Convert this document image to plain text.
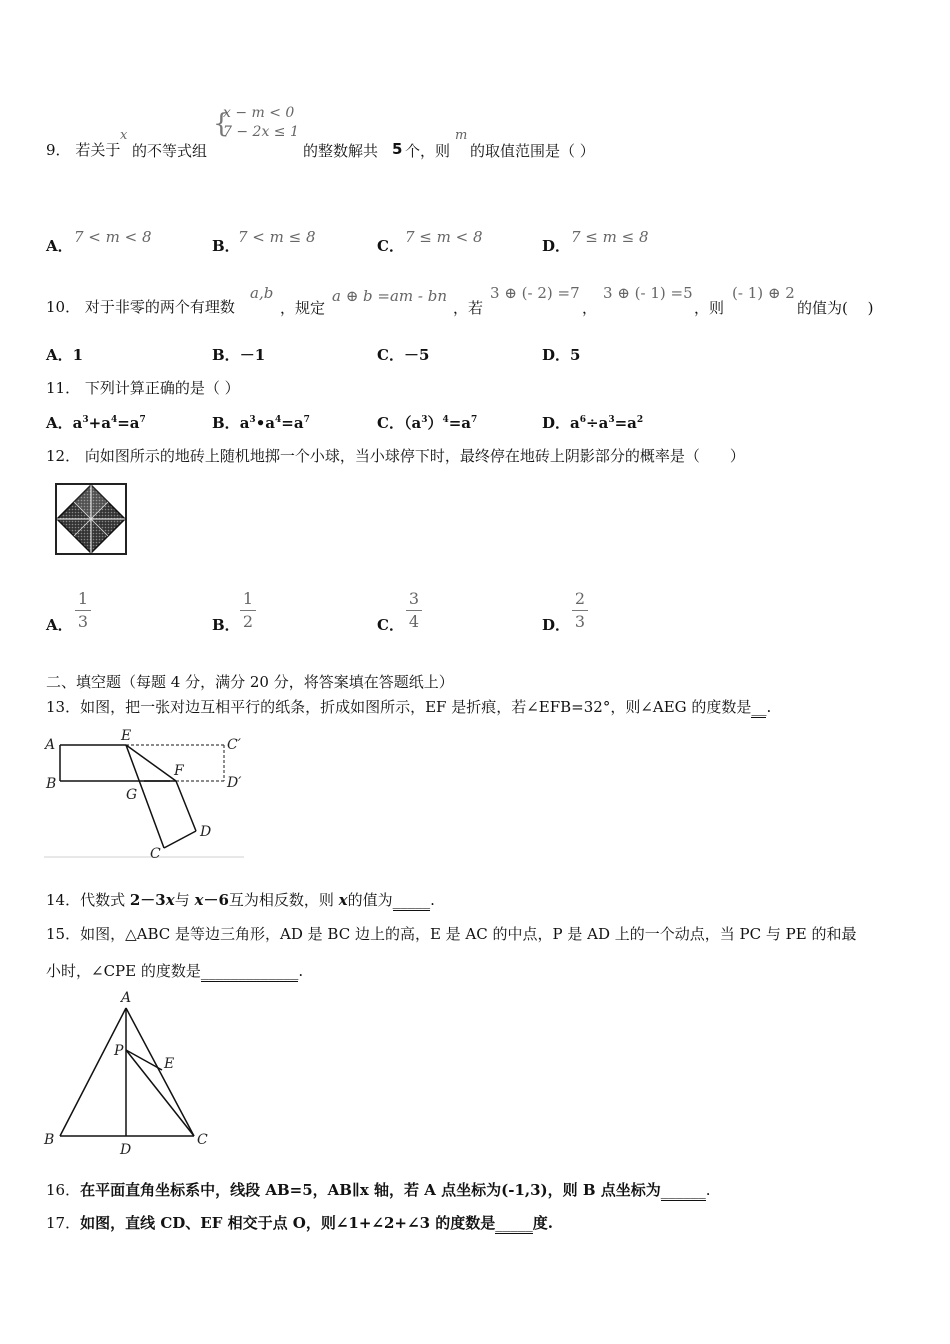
9． 若关于
x
的不等式组
{
x − m < 0
7 − 2x ≤ 1
的整数解共 5 个，则
m
的取值范围是（ ）
A． 7 < m < 8	B．
7 < m ≤ 8	C． 7 ≤ m < 8	D． 7 ≤ m ≤ 8
10． 对于非零的两个有理数
a,b
，规定
a ⊕ b =am - bn
，若
3 ⊕ (- 2) =7
，
3 ⊕ (- 1) =5
，则
(- 1) ⊕ 2
的值为(　 )
A．1	B．－1	C．－5	D．5
11． 下列计算正确的是（ ）
A．$a^3+a^4=a^7$	B．$a^3•a^4=a^7$	C．$(a^3)^4=a^7$	D．$a^6\div a^3=a^2$
12． 向如图所示的地砖上随机地掷一个小球，当小球停下时，最终停在地砖上阴影部分的概率是（　　）
A．
1
3	B．
1
2	C．
3
4	D．
2
3
二、填空题（每题 4 分，满分 20 分，将答案填在答题纸上）
13．如图，把一张对边互相平行的纸条，折成如图所示，EF 是折痕，若∠EFB=32°，则∠AEG 的度数是__.
A
B
E
F
G
D
C
C′
D′
14．代数式 2－3x与 x－6互为相反数，则 x的值为_____.
15．如图，△ABC 是等边三角形，AD 是 BC 边上的高，E 是 AC 的中点，P 是 AD 上的一个动点，当 PC 与 PE 的和最
小时，∠CPE 的度数是_____________.
A
B	C
D
P
E
16．在平面直角坐标系中，线段 AB=5，AB∥x 轴，若 A 点坐标为(-1,3)，则 B 点坐标为______.
17．如图，直线 CD、EF 相交于点 O，则∠1+∠2+∠3 的度数是_____度.
